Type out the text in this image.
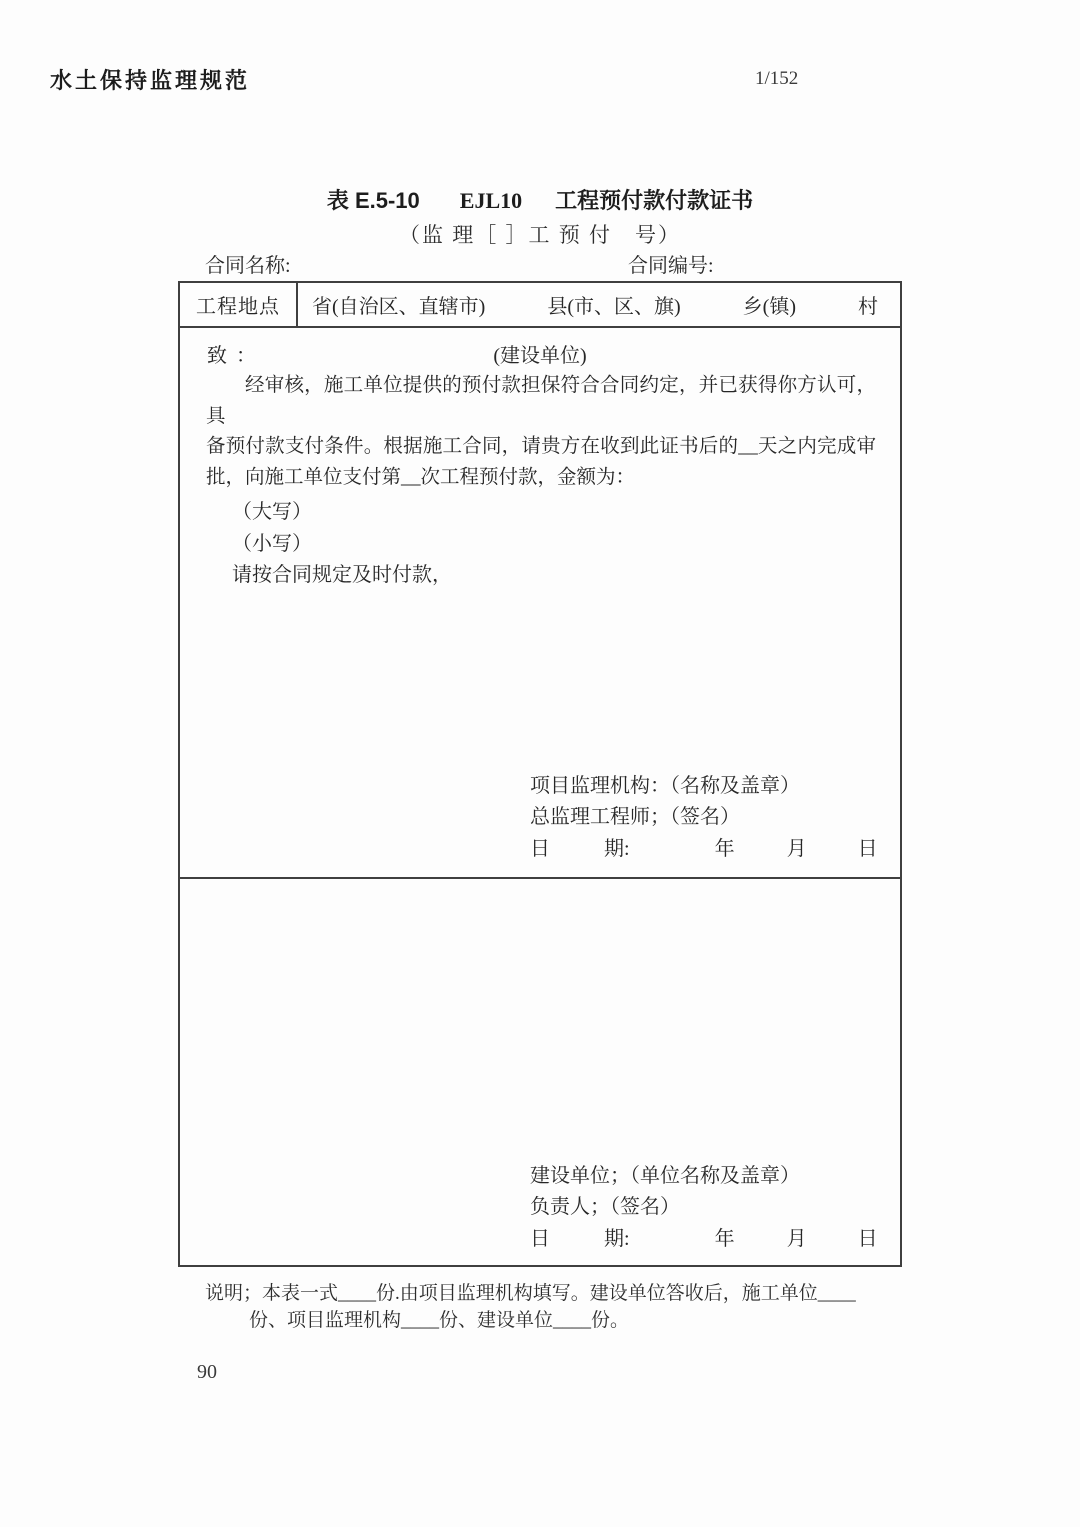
水土保持监理规范	1/152
表 E.5-10 EJL10 工程预付款付款证书
（监 理［ ］工 预 付　号）
合同名称:	合同编号:
工程地点	省(自治区、直辖市)	县(市、区、旗)	乡(镇)	村
致 ：	(建设单位)
经审核，施工单位提供的预付款担保符合合同约定，并已获得你方认可，具
备预付款支付条件。根据施工合同，请贵方在收到此证书后的__天之内完成审
批，向施工单位支付第__次工程预付款，金额为：
（大写）
（小写）
请按合同规定及时付款，
项目监理机构：（名称及盖章）
总监理工程师；（签名）
日	期:	年	月	日
建设单位；（单位名称及盖章）
负责人；（签名）
日	期:	年	月	日
说明；本表一式____份.由项目监理机构填写。建设单位答收后，施工单位____
份、项目监理机构____份、建设单位____份。
90
